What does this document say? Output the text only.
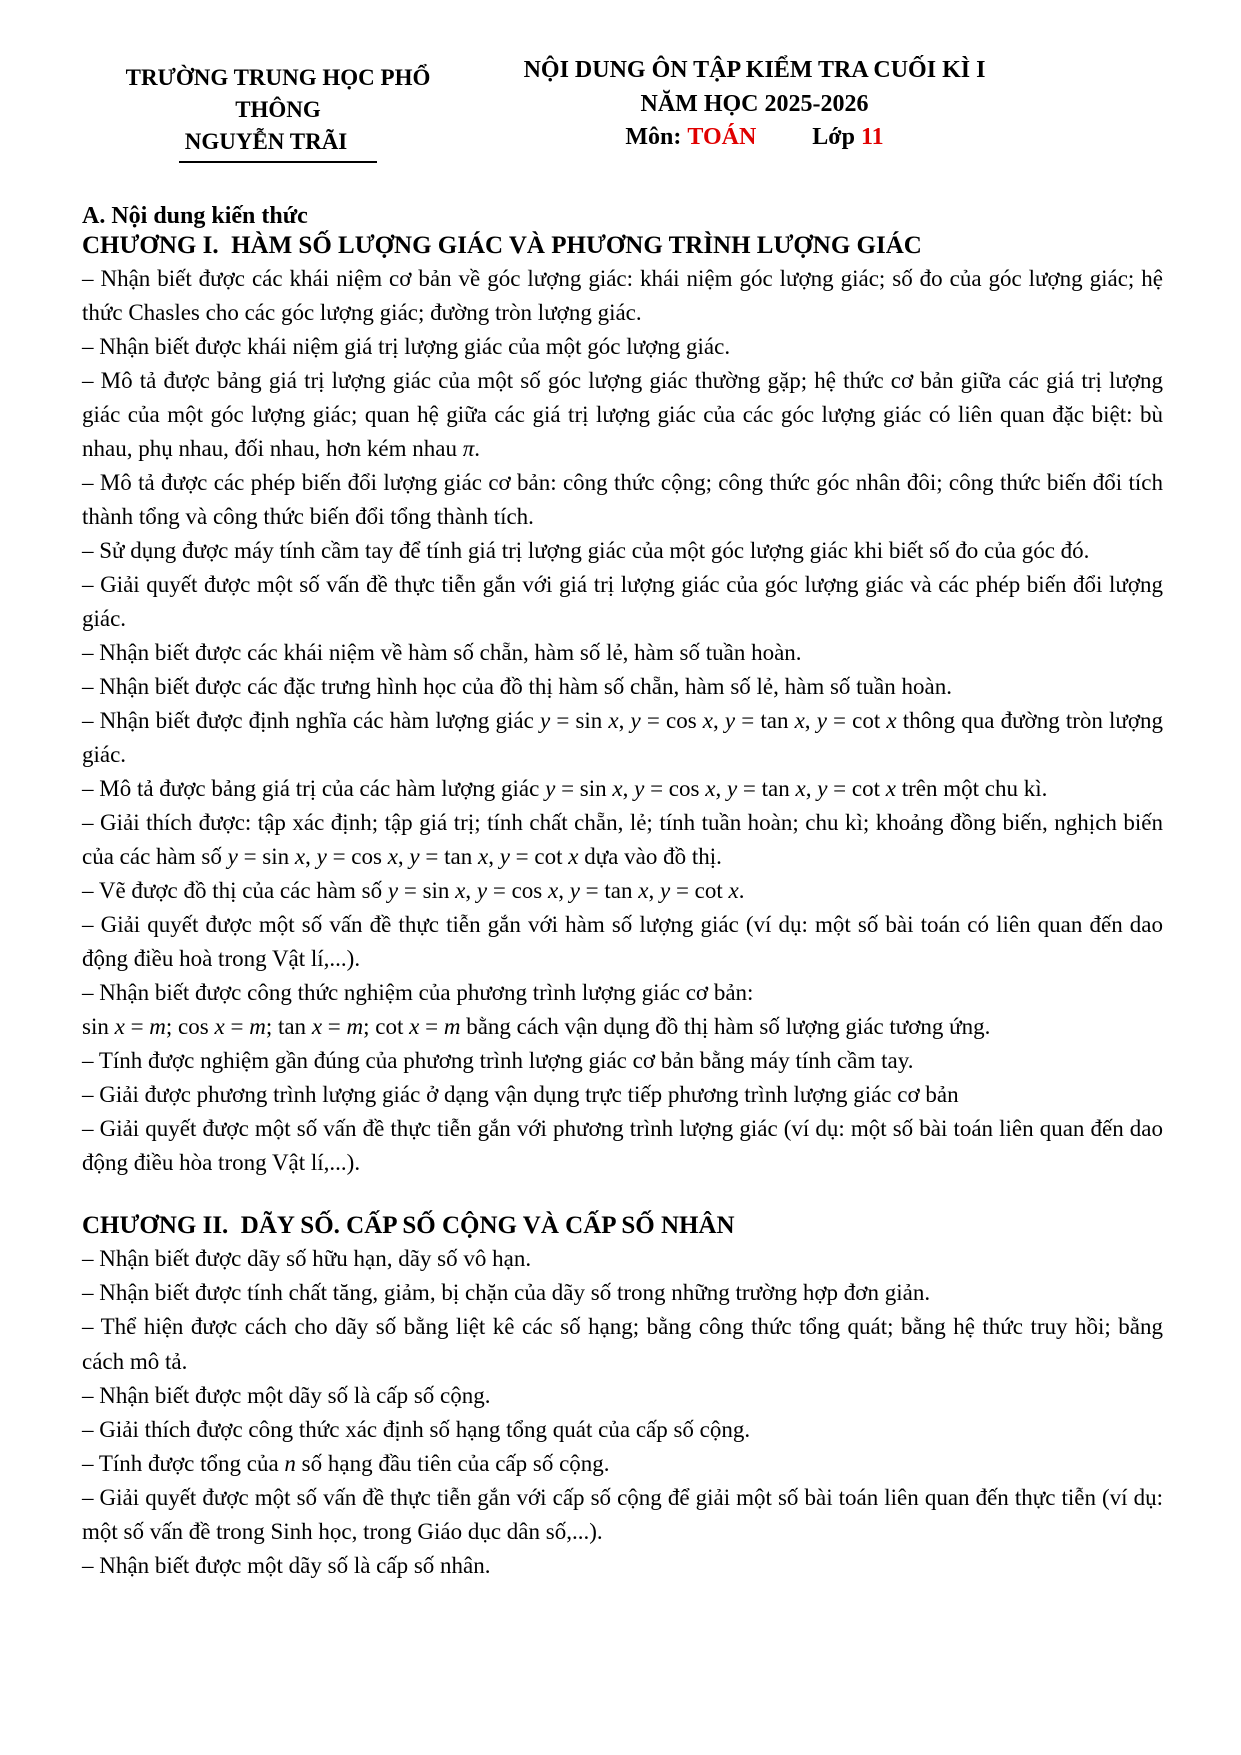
TRƯỜNG TRUNG HỌC PHỔ THÔNG
NGUYỄN TRÃI
NỘI DUNG ÔN TẬP KIỂM TRA CUỐI KÌ I
NĂM HỌC 2025-2026
Môn: TOÁN Lớp 11

A. Nội dung kiến thức

CHƯƠNG I.  HÀM SỐ LƯỢNG GIÁC VÀ PHƯƠNG TRÌNH LƯỢNG GIÁC

– Nhận biết được các khái niệm cơ bản về góc lượng giác: khái niệm góc lượng giác; số đo của góc lượng giác; hệ thức Chasles cho các góc lượng giác; đường tròn lượng giác.

– Nhận biết được khái niệm giá trị lượng giác của một góc lượng giác.

– Mô tả được bảng giá trị lượng giác của một số góc lượng giác thường gặp; hệ thức cơ bản giữa các giá trị lượng giác của một góc lượng giác; quan hệ giữa các giá trị lượng giác của các góc lượng giác có liên quan đặc biệt: bù nhau, phụ nhau, đối nhau, hơn kém nhau π.

– Mô tả được các phép biến đổi lượng giác cơ bản: công thức cộng; công thức góc nhân đôi; công thức biến đổi tích thành tổng và công thức biến đổi tổng thành tích.

– Sử dụng được máy tính cầm tay để tính giá trị lượng giác của một góc lượng giác khi biết số đo của góc đó.

– Giải quyết được một số vấn đề thực tiễn gắn với giá trị lượng giác của góc lượng giác và các phép biến đổi lượng giác.

– Nhận biết được các khái niệm về hàm số chẵn, hàm số lẻ, hàm số tuần hoàn.

– Nhận biết được các đặc trưng hình học của đồ thị hàm số chẵn, hàm số lẻ, hàm số tuần hoàn.

– Nhận biết được định nghĩa các hàm lượng giác y = sin x, y = cos x, y = tan x, y = cot x thông qua đường tròn lượng giác.

– Mô tả được bảng giá trị của các hàm lượng giác y = sin x, y = cos x, y = tan x, y = cot x trên một chu kì.

– Giải thích được: tập xác định; tập giá trị; tính chất chẵn, lẻ; tính tuần hoàn; chu kì; khoảng đồng biến, nghịch biến của các hàm số y = sin x, y = cos x, y = tan x, y = cot x dựa vào đồ thị.

– Vẽ được đồ thị của các hàm số y = sin x, y = cos x, y = tan x, y = cot x.

– Giải quyết được một số vấn đề thực tiễn gắn với hàm số lượng giác (ví dụ: một số bài toán có liên quan đến dao động điều hoà trong Vật lí,...).

– Nhận biết được công thức nghiệm của phương trình lượng giác cơ bản:

sin x = m; cos x = m; tan x = m; cot x = m bằng cách vận dụng đồ thị hàm số lượng giác tương ứng.

– Tính được nghiệm gần đúng của phương trình lượng giác cơ bản bằng máy tính cầm tay.

– Giải được phương trình lượng giác ở dạng vận dụng trực tiếp phương trình lượng giác cơ bản

– Giải quyết được một số vấn đề thực tiễn gắn với phương trình lượng giác (ví dụ: một số bài toán liên quan đến dao động điều hòa trong Vật lí,...).

CHƯƠNG II.  DÃY SỐ. CẤP SỐ CỘNG VÀ CẤP SỐ NHÂN

– Nhận biết được dãy số hữu hạn, dãy số vô hạn.

– Nhận biết được tính chất tăng, giảm, bị chặn của dãy số trong những trường hợp đơn giản.

– Thể hiện được cách cho dãy số bằng liệt kê các số hạng; bằng công thức tổng quát; bằng hệ thức truy hồi; bằng cách mô tả.

– Nhận biết được một dãy số là cấp số cộng.

– Giải thích được công thức xác định số hạng tổng quát của cấp số cộng.

– Tính được tổng của n số hạng đầu tiên của cấp số cộng.

– Giải quyết được một số vấn đề thực tiễn gắn với cấp số cộng để giải một số bài toán liên quan đến thực tiễn (ví dụ: một số vấn đề trong Sinh học, trong Giáo dục dân số,...).

– Nhận biết được một dãy số là cấp số nhân.
